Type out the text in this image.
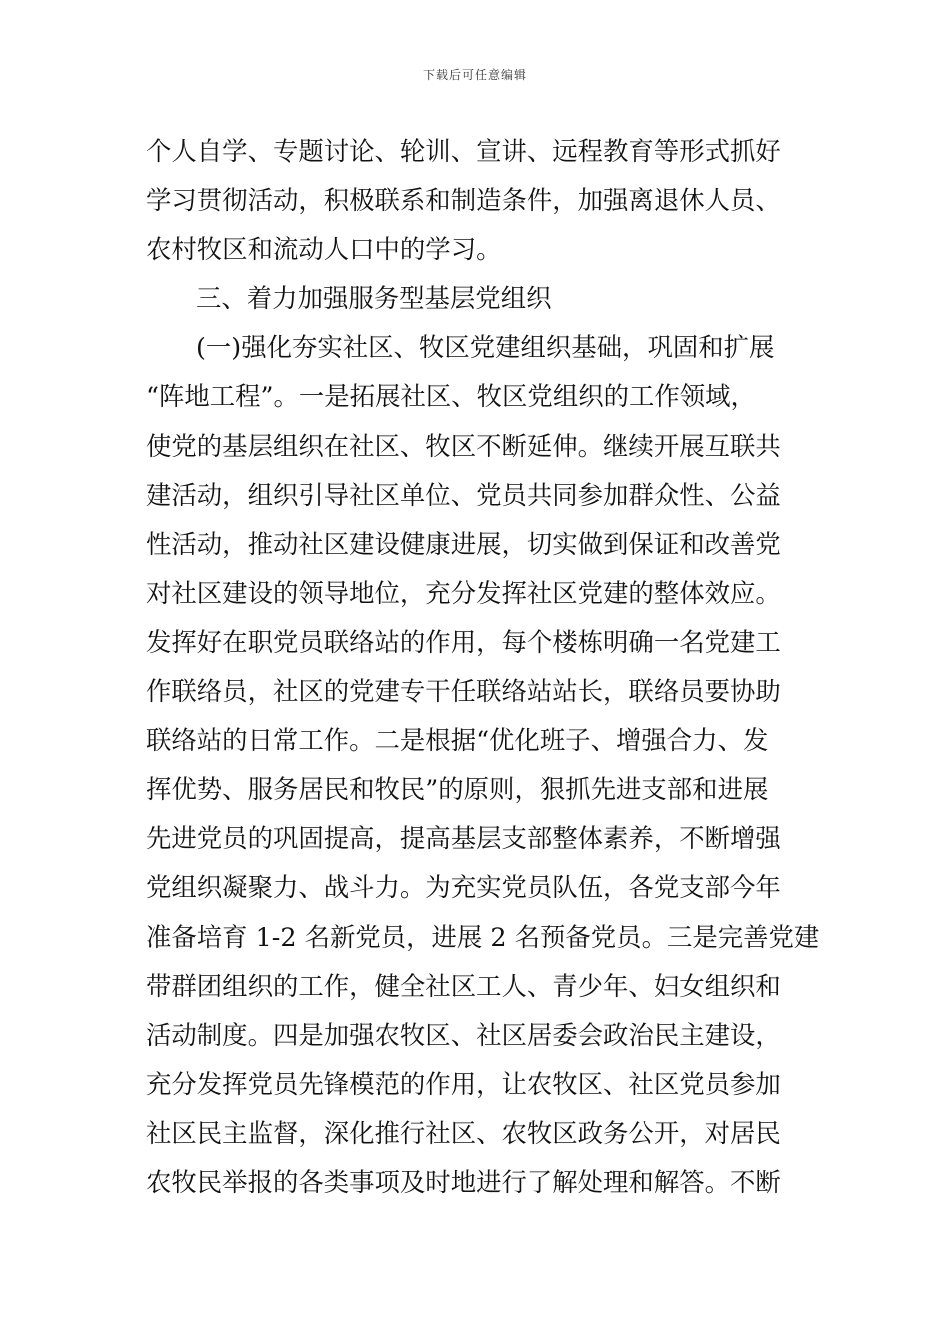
下载后可任意编辑
个人自学、专题讨论、轮训、宣讲、远程教育等形式抓好
学习贯彻活动，积极联系和制造条件，加强离退休人员、
农村牧区和流动人口中的学习。
三、着力加强服务型基层党组织
(一)强化夯实社区、牧区党建组织基础，巩固和扩展
“阵地工程”。一是拓展社区、牧区党组织的工作领域，
使党的基层组织在社区、牧区不断延伸。继续开展互联共
建活动，组织引导社区单位、党员共同参加群众性、公益
性活动，推动社区建设健康进展，切实做到保证和改善党
对社区建设的领导地位，充分发挥社区党建的整体效应。
发挥好在职党员联络站的作用，每个楼栋明确一名党建工
作联络员，社区的党建专干任联络站站长，联络员要协助
联络站的日常工作。二是根据“优化班子、增强合力、发
挥优势、服务居民和牧民”的原则，狠抓先进支部和进展
先进党员的巩固提高，提高基层支部整体素养，不断增强
党组织凝聚力、战斗力。为充实党员队伍，各党支部今年
准备培育 1-2 名新党员，进展 2 名预备党员。三是完善党建
带群团组织的工作，健全社区工人、青少年、妇女组织和
活动制度。四是加强农牧区、社区居委会政治民主建设，
充分发挥党员先锋模范的作用，让农牧区、社区党员参加
社区民主监督，深化推行社区、农牧区政务公开，对居民
农牧民举报的各类事项及时地进行了解处理和解答。不断
